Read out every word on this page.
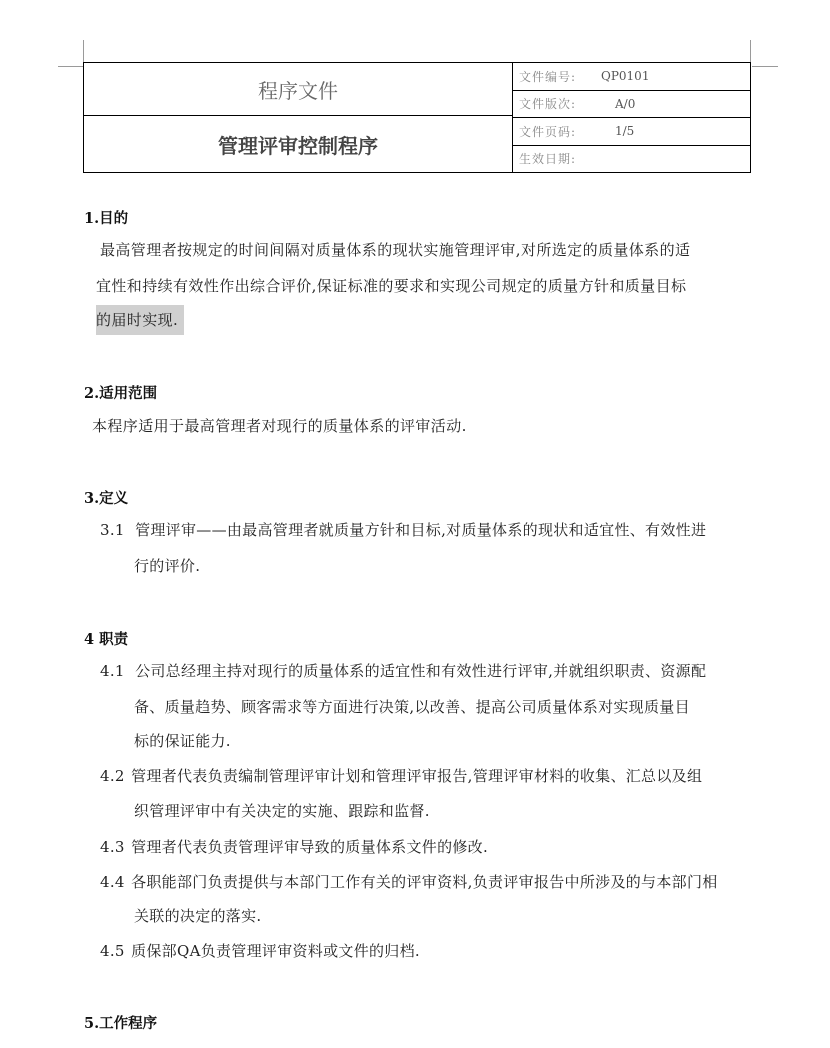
程序文件
管理评审控制程序
文件编号:	QP0101
文件版次:	A/0
文件页码:	1/5
生效日期:
1.目的
最高管理者按规定的时间间隔对质量体系的现状实施管理评审,对所选定的质量体系的适
宜性和持续有效性作出综合评价,保证标准的要求和实现公司规定的质量方针和质量目标
的届时实现.
2.适用范围
本程序适用于最高管理者对现行的质量体系的评审活动.
3.定义
3.1 管理评审——由最高管理者就质量方针和目标,对质量体系的现状和适宜性、有效性进
行的评价.
4 职责
4.1 公司总经理主持对现行的质量体系的适宜性和有效性进行评审,并就组织职责、资源配
备、质量趋势、顾客需求等方面进行决策,以改善、提高公司质量体系对实现质量目
标的保证能力.
4.2 管理者代表负责编制管理评审计划和管理评审报告,管理评审材料的收集、汇总以及组
织管理评审中有关决定的实施、跟踪和监督.
4.3 管理者代表负责管理评审导致的质量体系文件的修改.
4.4 各职能部门负责提供与本部门工作有关的评审资料,负责评审报告中所涉及的与本部门相
关联的决定的落实.
4.5 质保部QA负责管理评审资料或文件的归档.
5.工作程序
